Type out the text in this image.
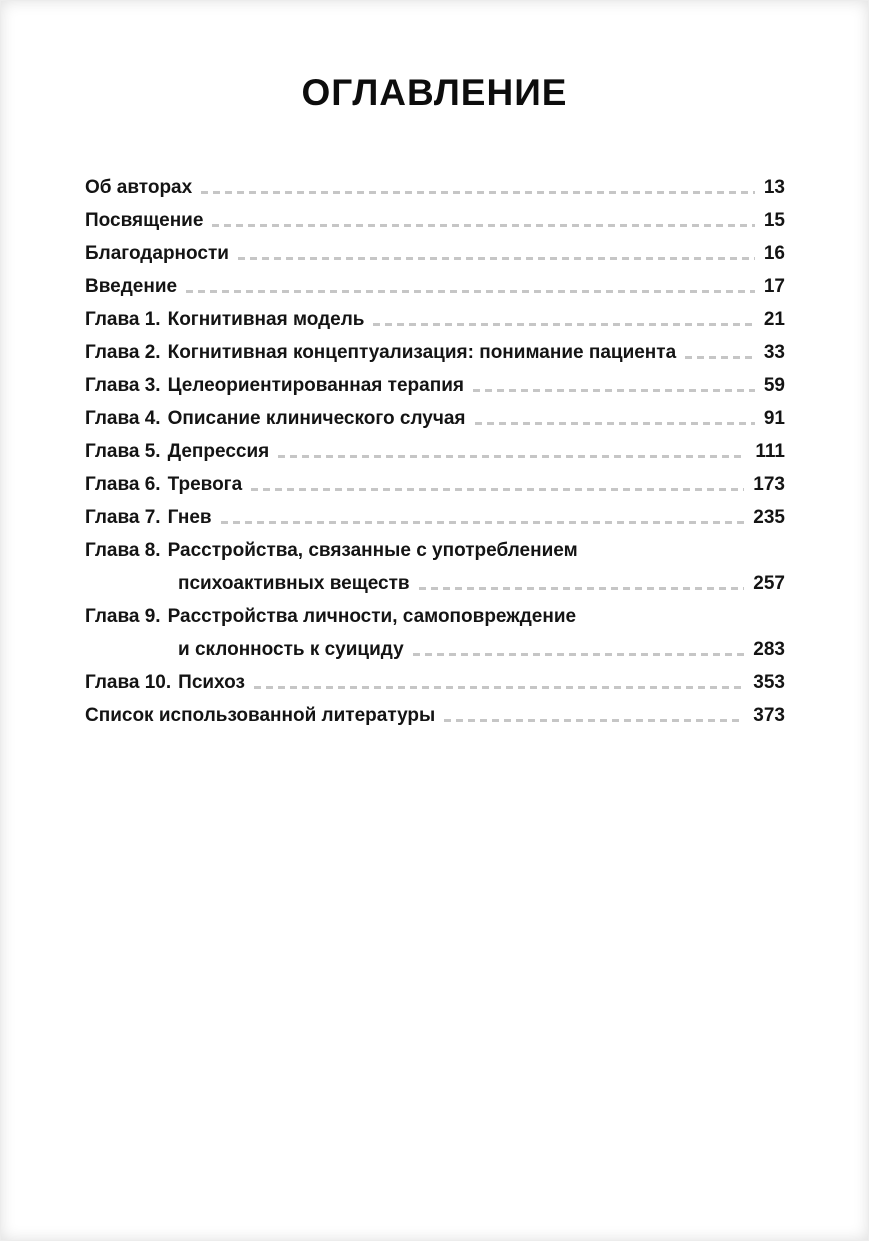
ОГЛАВЛЕНИЕ
Об авторах	13
Посвящение	15
Благодарности	16
Введение	17
Глава 1. Когнитивная модель	21
Глава 2. Когнитивная концептуализация: понимание пациента	33
Глава 3. Целеориентированная терапия	59
Глава 4. Описание клинического случая	91
Глава 5. Депрессия	111
Глава 6. Тревога	173
Глава 7. Гнев	235
Глава 8. Расстройства, связанные с употреблением
психоактивных веществ	257
Глава 9. Расстройства личности, самоповреждение
и склонность к суициду	283
Глава 10. Психоз	353
Список использованной литературы	373
